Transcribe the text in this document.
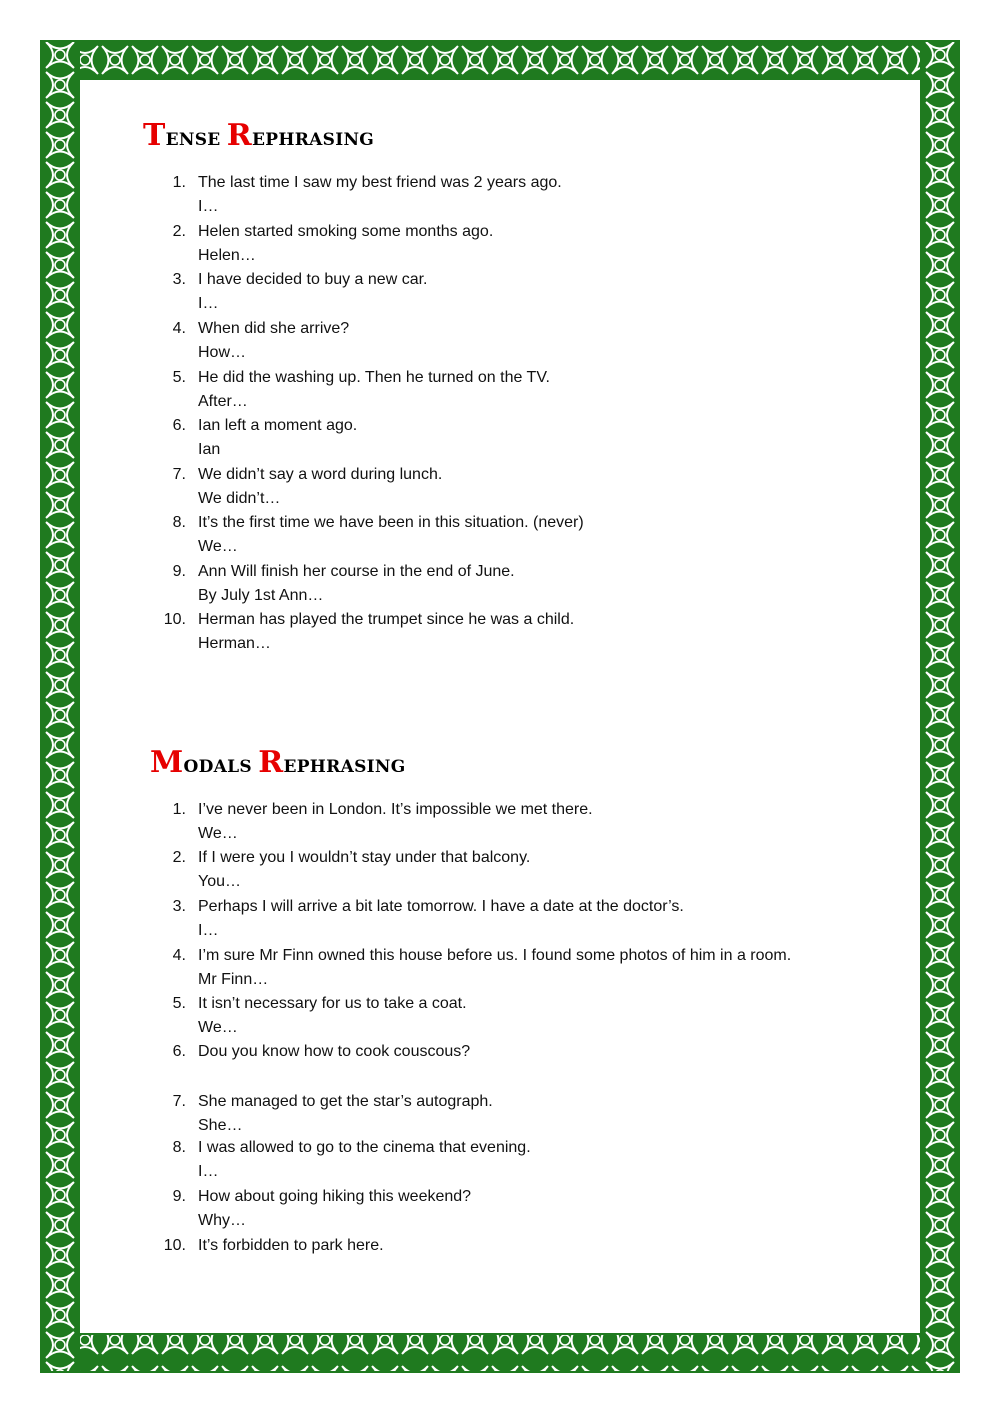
TENSE REPHRASING
1. The last time I saw my best friend was 2 years ago.
I…
2. Helen started smoking some months ago.
Helen…
3. I have decided to buy a new car.
I…
4. When did she arrive?
How…
5. He did the washing up. Then he turned on the TV.
After…
6. Ian left a moment ago.
Ian
7. We didn’t say a word during lunch.
We didn’t…
8. It’s the first time we have been in this situation. (never)
We…
9. Ann Will finish her course in the end of June.
By July 1st Ann…
10. Herman has played the trumpet since he was a child.
Herman…
MODALS REPHRASING
1. I’ve never been in London. It’s impossible we met there.
We…
2. If I were you I wouldn’t stay under that balcony.
You…
3. Perhaps I will arrive a bit late tomorrow. I have a date at the doctor’s.
I…
4. I’m sure Mr Finn owned this house before us. I found some photos of him in a room.
Mr Finn…
5. It isn’t necessary for us to take a coat.
We…
6. Dou you know how to cook couscous?
7. She managed to get the star’s autograph.
She…
8. I was allowed to go to the cinema that evening.
I…
9. How about going hiking this weekend?
Why…
10. It’s forbidden to park here.
